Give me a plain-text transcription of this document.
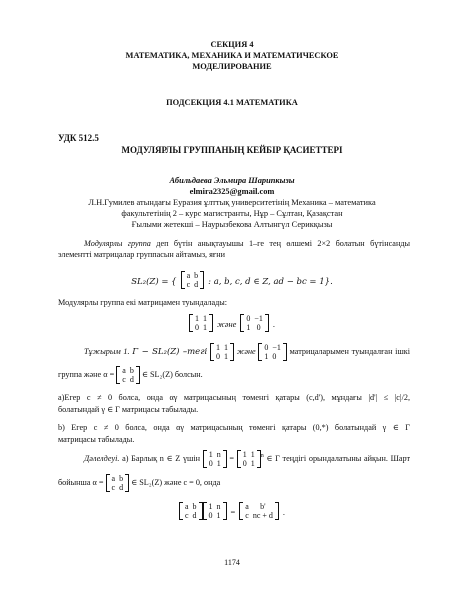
СЕКЦИЯ 4
МАТЕМАТИКА, МЕХАНИКА И МАТЕМАТИЧЕСКОЕ
МОДЕЛИРОВАНИЕ
ПОДСЕКЦИЯ 4.1 МАТЕМАТИКА
УДК 512.5
МОДУЛЯРЛЫ ГРУППАНЫҢ КЕЙБІР ҚАСИЕТТЕРІ
Абильдаева Эльмира Шарипкызы
elmira2325@gmail.com
Л.Н.Гумилев атындағы Еуразия ұлттық университетінің Механика – математика
факультетінің 2 – курс магистранты, Нұр – Сұлтан, Қазақстан
Ғылыми жетекші – Наурызбекова Алтынгүл Серикқызы
Модулярлы группа деп бүтін анықтауышы 1–ге тең өлшемі 2×2 болатын бүтінсанды элементті матрицалар группасын айтамыз, яғни
SL₂(Z) = {
a	b
c	d : a, b, c, d ∈ Z, ad − bc = 1}.
Модулярлы группа екі матрицамен туындалады:
1	1
0	1 және
0	−1
1	0 .
Тұжырым 1. Γ − SL₂(Z) –тегі 1	1
0	1
және 0	−1
1	0
матрицаларымен туындалған ішкі
группа және α = a	b
c	d
∈ SL₂(Z) болсын.
а)Егер c ≠ 0 болса, онда αγ матрицасының төменгі қатары (c,d'), мұндағы |d'| ≤ |c|/2,
болатындай γ ∈ Γ матрицасы табылады.
b) Егер c ≠ 0 болса, онда αγ матрицасының төменгі қатары (0,*) болатындай γ ∈ Γ
матрицасы табылады.
Дәлелдеуі. а) Барлық n ∈ Z үшін 1	n
0	1
= 1	1
0	1
$^n$ ∈ Γ теңдігі орындалатыны айқын. Шарт
бойынша α = a	b
c	d
∈ SL₂(Z) және c = 0, онда
a	b
c	d
1	n
0	1 =
a	b'
c	nc + d .
1174
